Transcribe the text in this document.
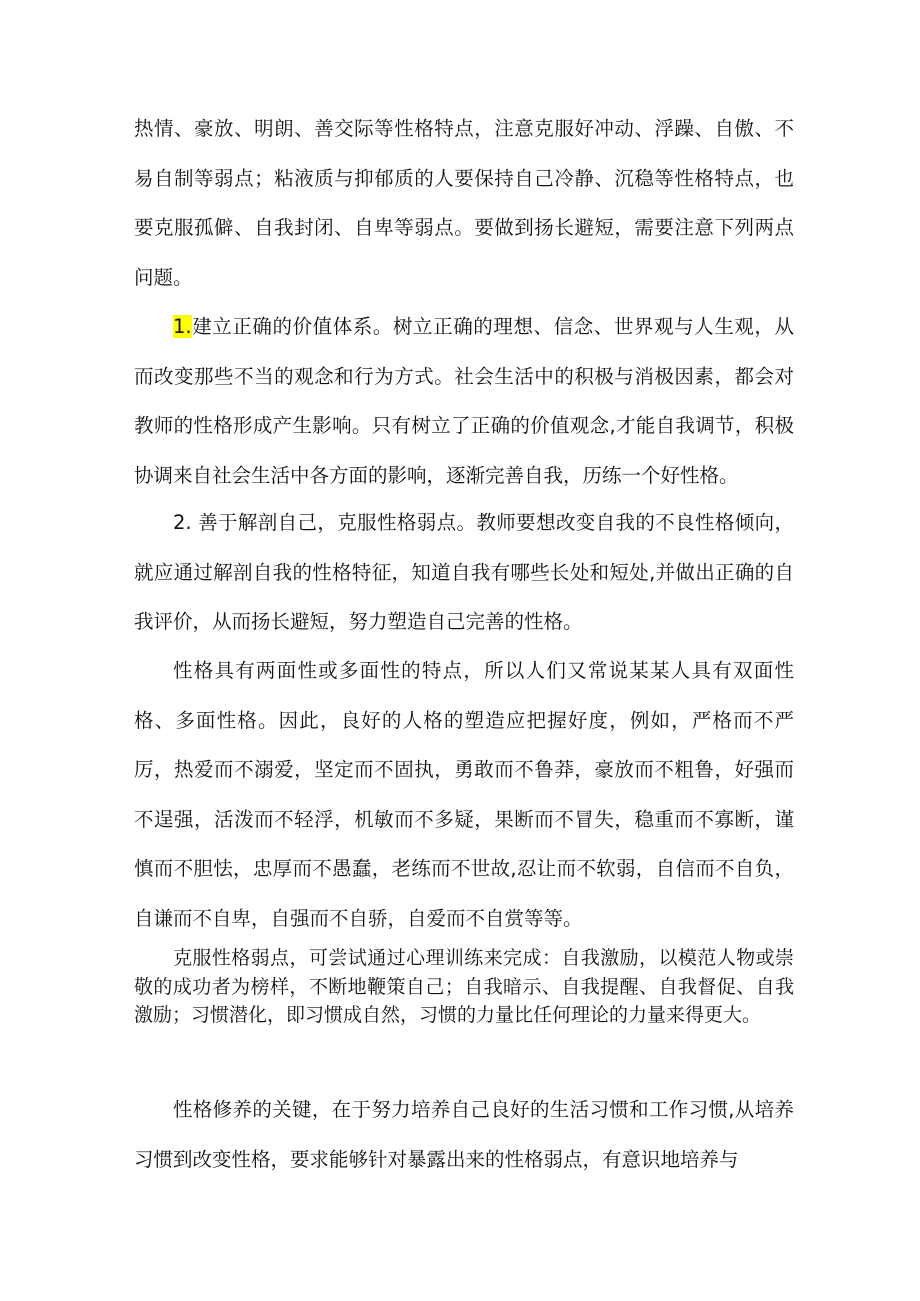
热情、豪放、明朗、善交际等性格特点，注意克服好冲动、浮躁、自傲、不易自制等弱点；粘液质与抑郁质的人要保持自己冷静、沉稳等性格特点，也要克服孤僻、自我封闭、自卑等弱点。要做到扬长避短，需要注意下列两点问题。

1.建立正确的价值体系。树立正确的理想、信念、世界观与人生观，从而改变那些不当的观念和行为方式。社会生活中的积极与消极因素，都会对教师的性格形成产生影响。只有树立了正确的价值观念,才能自我调节，积极协调来自社会生活中各方面的影响，逐渐完善自我，历练一个好性格。

2. 善于解剖自己，克服性格弱点。教师要想改变自我的不良性格倾向，就应通过解剖自我的性格特征，知道自我有哪些长处和短处,并做出正确的自我评价，从而扬长避短，努力塑造自己完善的性格。

性格具有两面性或多面性的特点，所以人们又常说某某人具有双面性格、多面性格。因此，良好的人格的塑造应把握好度，例如，严格而不严厉，热爱而不溺爱，坚定而不固执，勇敢而不鲁莽，豪放而不粗鲁，好强而不逞强，活泼而不轻浮，机敏而不多疑，果断而不冒失，稳重而不寡断，谨慎而不胆怯，忠厚而不愚蠢，老练而不世故,忍让而不软弱，自信而不自负，自谦而不自卑，自强而不自骄，自爱而不自赏等等。

克服性格弱点，可尝试通过心理训练来完成：自我激励，以模范人物或崇敬的成功者为榜样，不断地鞭策自己；自我暗示、自我提醒、自我督促、自我激励；习惯潜化，即习惯成自然，习惯的力量比任何理论的力量来得更大。

性格修养的关键，在于努力培养自己良好的生活习惯和工作习惯,从培养习惯到改变性格，要求能够针对暴露出来的性格弱点，有意识地培养与
